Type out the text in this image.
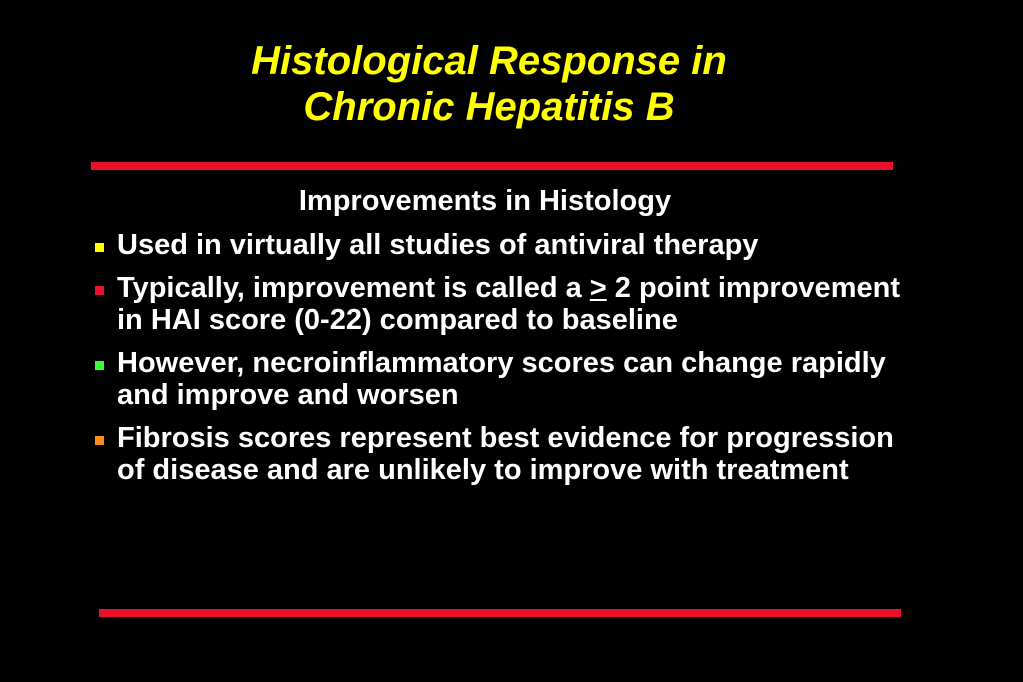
Histological Response in
Chronic Hepatitis B
Improvements in Histology
Used in virtually all studies of antiviral therapy
Typically, improvement is called a ≥ 2 point improvement in HAI score (0-22) compared to baseline
However, necroinflammatory scores can change rapidly and improve and worsen
Fibrosis scores represent best evidence for progression of disease and are unlikely to improve with treatment
